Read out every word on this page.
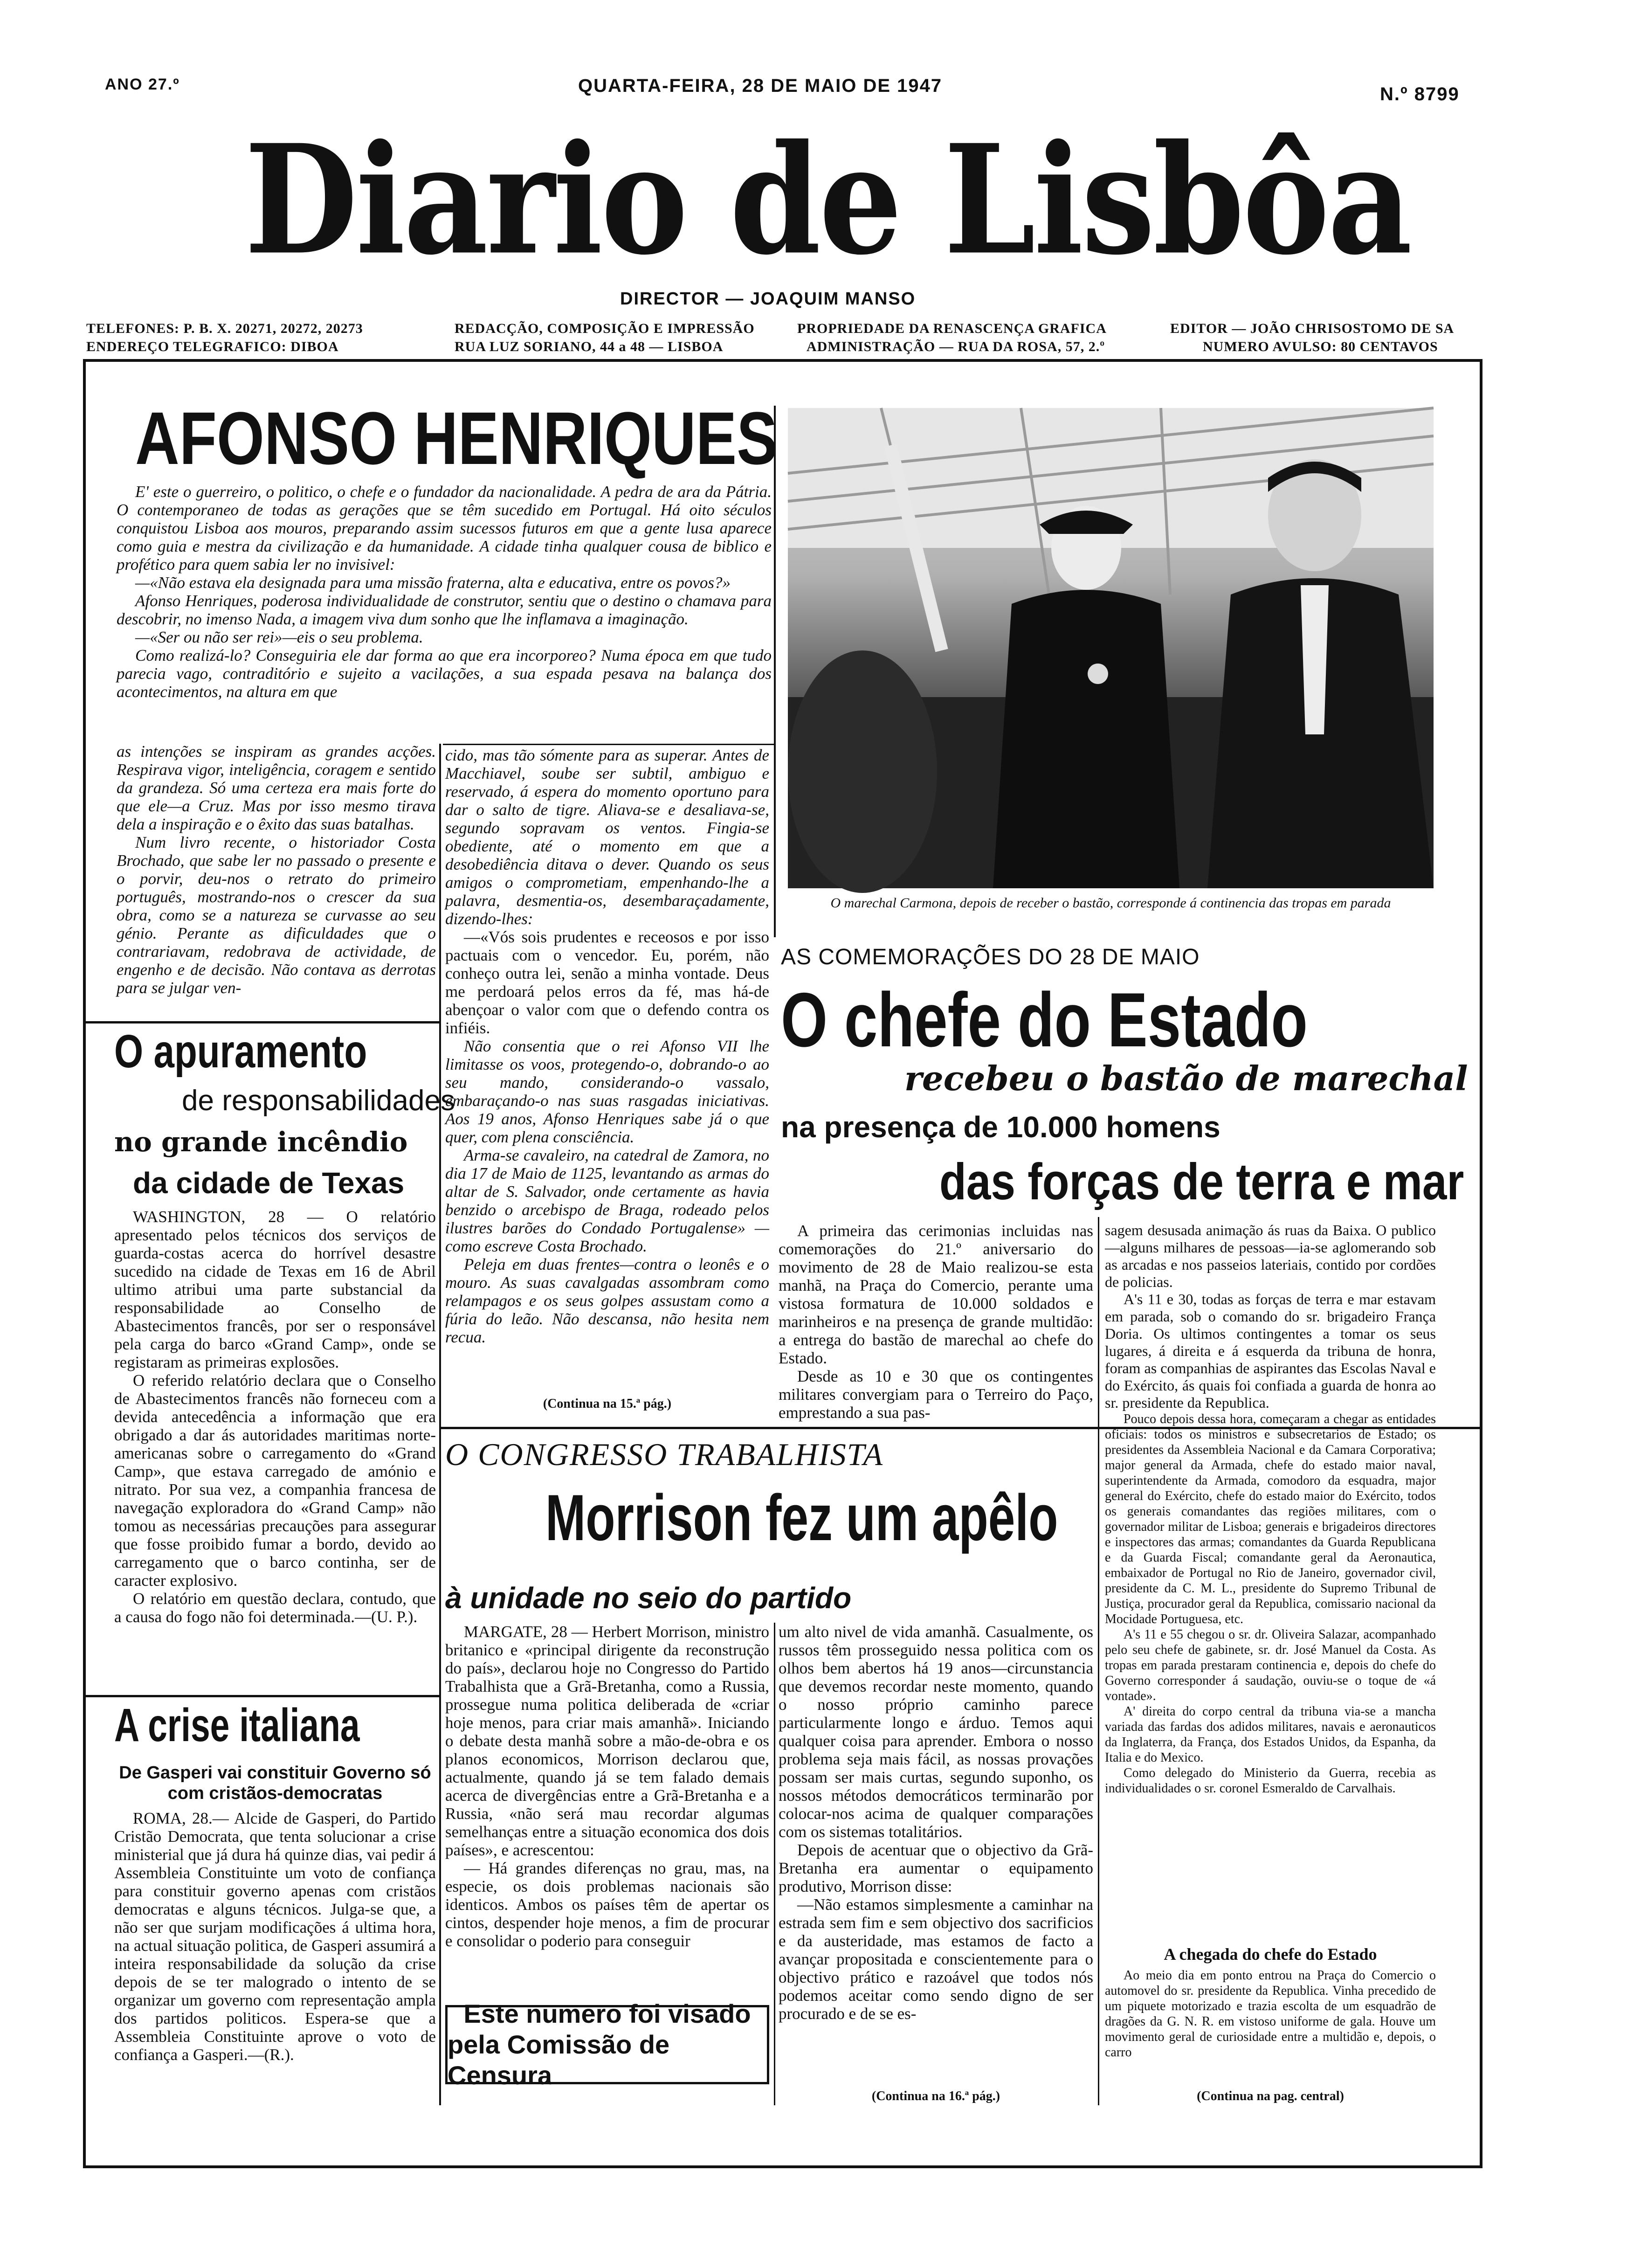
ANO 27.º	QUARTA-FEIRA, 28 DE MAIO DE 1947	N.º 8799
Diario de Lisbôa
DIRECTOR — JOAQUIM MANSO
TELEFONES: P. B. X. 20271, 20272, 20273
ENDEREÇO TELEGRAFICO: DIBOA
REDACÇÃO, COMPOSIÇÃO E IMPRESSÃO
RUA LUZ SORIANO, 44 a 48 — LISBOA
PROPRIEDADE DA RENASCENÇA GRAFICA
ADMINISTRAÇÃO — RUA DA ROSA, 57, 2.º
EDITOR — JOÃO CHRISOSTOMO DE SA
NUMERO AVULSO: 80 CENTAVOS
AFONSO HENRIQUES

E' este o guerreiro, o politico, o chefe e o fundador da nacionalidade. A pedra de ara da Pátria. O contemporaneo de todas as gerações que se têm sucedido em Portugal. Há oito séculos conquistou Lisboa aos mouros, preparando assim sucessos futuros em que a gente lusa aparece como guia e mestra da civilização e da humanidade. A cidade tinha qualquer cousa de biblico e profético para quem sabia ler no invisivel:

—«Não estava ela designada para uma missão fraterna, alta e educativa, entre os povos?»

Afonso Henriques, poderosa individualidade de construtor, sentiu que o destino o chamava para descobrir, no imenso Nada, a imagem viva dum sonho que lhe inflamava a imaginação.

—«Ser ou não ser rei»—eis o seu problema.

Como realizá-lo? Conseguiria ele dar forma ao que era incorporeo? Numa época em que tudo parecia vago, contraditório e sujeito a vacilações, a sua espada pesava na balança dos acontecimentos, na altura em que

as intenções se inspiram as grandes acções. Respirava vigor, inteligência, coragem e sentido da grandeza. Só uma certeza era mais forte do que ele—a Cruz. Mas por isso mesmo tirava dela a inspiração e o êxito das suas batalhas.

Num livro recente, o historiador Costa Brochado, que sabe ler no passado o presente e o porvir, deu-nos o retrato do primeiro português, mostrando-nos o crescer da sua obra, como se a natureza se curvasse ao seu génio. Perante as dificuldades que o contrariavam, redobrava de actividade, de engenho e de decisão. Não contava as derrotas para se julgar ven-

cido, mas tão sómente para as superar. Antes de Macchiavel, soube ser subtil, ambiguo e reservado, á espera do momento oportuno para dar o salto de tigre. Aliava-se e desaliava-se, segundo sopravam os ventos. Fingia-se obediente, até o momento em que a desobediência ditava o dever. Quando os seus amigos o comprometiam, empenhando-lhe a palavra, desmentia-os, desembaraçadamente, dizendo-lhes:

—«Vós sois prudentes e receosos e por isso pactuais com o vencedor. Eu, porém, não conheço outra lei, senão a minha vontade. Deus me perdoará pelos erros da fé, mas há-de abençoar o valor com que o defendo contra os infiéis.

Não consentia que o rei Afonso VII lhe limitasse os voos, protegendo-o, dobrando-o ao seu mando, considerando-o vassalo, embaraçando-o nas suas rasgadas iniciativas. Aos 19 anos, Afonso Henriques sabe já o que quer, com plena consciência.

Arma-se cavaleiro, na catedral de Zamora, no dia 17 de Maio de 1125, levantando as armas do altar de S. Salvador, onde certamente as havia benzido o arcebispo de Braga, rodeado pelos ilustres barões do Condado Portugalense» — como escreve Costa Brochado.

Peleja em duas frentes—contra o leonês e o mouro. As suas cavalgadas assombram como relampagos e os seus golpes assustam como a fúria do leão. Não descansa, não hesita nem recua.

(Continua na 15.ª pág.)
O marechal Carmona, depois de receber o bastão, corresponde á continencia das tropas em parada
AS COMEMORAÇÕES DO 28 DE MAIO
O chefe do Estado
recebeu o bastão de marechal
na presença de 10.000 homens
das forças de terra e mar

A primeira das cerimonias incluidas nas comemorações do 21.º aniversario do movimento de 28 de Maio realizou-se esta manhã, na Praça do Comercio, perante uma vistosa formatura de 10.000 soldados e marinheiros e na presença de grande multidão: a entrega do bastão de marechal ao chefe do Estado.

Desde as 10 e 30 que os contingentes militares convergiam para o Terreiro do Paço, emprestando a sua pas-

sagem desusada animação ás ruas da Baixa. O publico—alguns milhares de pessoas—ia-se aglomerando sob as arcadas e nos passeios lateriais, contido por cordões de policias.

A's 11 e 30, todas as forças de terra e mar estavam em parada, sob o comando do sr. brigadeiro França Doria. Os ultimos contingentes a tomar os seus lugares, á direita e á esquerda da tribuna de honra, foram as companhias de aspirantes das Escolas Naval e do Exército, ás quais foi confiada a guarda de honra ao sr. presidente da Republica.

Pouco depois dessa hora, começaram a chegar as entidades oficiais: todos os ministros e subsecretarios de Estado; os presidentes da Assembleia Nacional e da Camara Corporativa; major general da Armada, chefe do estado maior naval, superintendente da Armada, comodoro da esquadra, major general do Exército, chefe do estado maior do Exército, todos os generais comandantes das regiões militares, com o governador militar de Lisboa; generais e brigadeiros directores e inspectores das armas; comandantes da Guarda Republicana e da Guarda Fiscal; comandante geral da Aeronautica, embaixador de Portugal no Rio de Janeiro, governador civil, presidente da C. M. L., presidente do Supremo Tribunal de Justiça, procurador geral da Republica, comissario nacional da Mocidade Portuguesa, etc.

A's 11 e 55 chegou o sr. dr. Oliveira Salazar, acompanhado pelo seu chefe de gabinete, sr. dr. José Manuel da Costa. As tropas em parada prestaram continencia e, depois do chefe do Governo corresponder á saudação, ouviu-se o toque de «á vontade».

A' direita do corpo central da tribuna via-se a mancha variada das fardas dos adidos militares, navais e aeronauticos da Inglaterra, da França, dos Estados Unidos, da Espanha, da Italia e do Mexico.

Como delegado do Ministerio da Guerra, recebia as individualidades o sr. coronel Esmeraldo de Carvalhais.

A chegada do chefe do Estado

Ao meio dia em ponto entrou na Praça do Comercio o automovel do sr. presidente da Republica. Vinha precedido de um piquete motorizado e trazia escolta de um esquadrão de dragões da G. N. R. em vistoso uniforme de gala. Houve um movimento geral de curiosidade entre a multidão e, depois, o carro

(Continua na pag. central)
O apuramento
de responsabilidades
no grande incêndio
da cidade de Texas

WASHINGTON, 28 — O relatório apresentado pelos técnicos dos serviços de guarda-costas acerca do horrível desastre sucedido na cidade de Texas em 16 de Abril ultimo atribui uma parte substancial da responsabilidade ao Conselho de Abastecimentos francês, por ser o responsável pela carga do barco «Grand Camp», onde se registaram as primeiras explosões.

O referido relatório declara que o Conselho de Abastecimentos francês não forneceu com a devida antecedência a informação que era obrigado a dar ás autoridades maritimas norte-americanas sobre o carregamento do «Grand Camp», que estava carregado de amónio e nitrato. Por sua vez, a companhia francesa de navegação exploradora do «Grand Camp» não tomou as necessárias precauções para assegurar que fosse proibido fumar a bordo, devido ao carregamento que o barco continha, ser de caracter explosivo.

O relatório em questão declara, contudo, que a causa do fogo não foi determinada.—(U. P.).

A crise italiana
De Gasperi vai constituir Governo só com cristãos-democratas

ROMA, 28.— Alcide de Gasperi, do Partido Cristão Democrata, que tenta solucionar a crise ministerial que já dura há quinze dias, vai pedir á Assembleia Constituinte um voto de confiança para constituir governo apenas com cristãos democratas e alguns técnicos. Julga-se que, a não ser que surjam modificações á ultima hora, na actual situação politica, de Gasperi assumirá a inteira responsabilidade da solução da crise depois de se ter malogrado o intento de se organizar um governo com representação ampla dos partidos politicos. Espera-se que a Assembleia Constituinte aprove o voto de confiança a Gasperi.—(R.).

O CONGRESSO TRABALHISTA
Morrison fez um apêlo
à unidade no seio do partido

MARGATE, 28 — Herbert Morrison, ministro britanico e «principal dirigente da reconstrução do país», declarou hoje no Congresso do Partido Trabalhista que a Grã-Bretanha, como a Russia, prossegue numa politica deliberada de «criar hoje menos, para criar mais amanhã». Iniciando o debate desta manhã sobre a mão-de-obra e os planos economicos, Morrison declarou que, actualmente, quando já se tem falado demais acerca de divergências entre a Grã-Bretanha e a Russia, «não será mau recordar algumas semelhanças entre a situação economica dos dois países», e acrescentou:

— Há grandes diferenças no grau, mas, na especie, os dois problemas nacionais são identicos. Ambos os países têm de apertar os cintos, despender hoje menos, a fim de procurar e consolidar o poderio para conseguir

Este numero foi visado
pela Comissão de Censura

um alto nivel de vida amanhã. Casualmente, os russos têm prosseguido nessa politica com os olhos bem abertos há 19 anos—circunstancia que devemos recordar neste momento, quando o nosso próprio caminho parece particularmente longo e árduo. Temos aqui qualquer coisa para aprender. Embora o nosso problema seja mais fácil, as nossas provações possam ser mais curtas, segundo suponho, os nossos métodos democráticos terminarão por colocar-nos acima de qualquer comparações com os sistemas totalitários.

Depois de acentuar que o objectivo da Grã-Bretanha era aumentar o equipamento produtivo, Morrison disse:

—Não estamos simplesmente a caminhar na estrada sem fim e sem objectivo dos sacrificios e da austeridade, mas estamos de facto a avançar propositada e conscientemente para o objectivo prático e razoável que todos nós podemos aceitar como sendo digno de ser procurado e de se es-

(Continua na 16.ª pág.)
